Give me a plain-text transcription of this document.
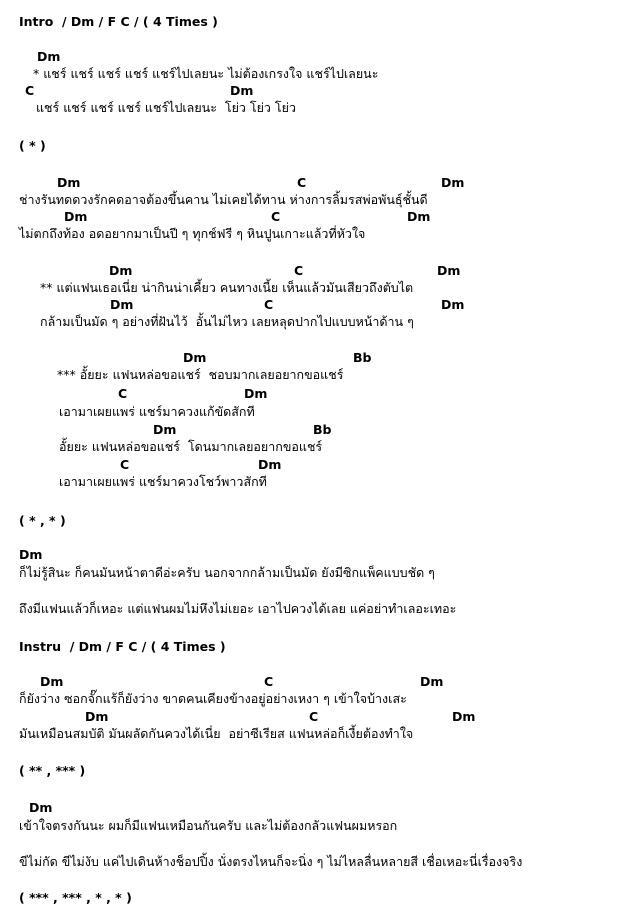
Intro  / Dm / F C / ( 4 Times )
Dm
* แชร์ แชร์ แชร์ แชร์ แชร์ไปเลยนะ ไม่ต้องเกรงใจ แชร์ไปเลยนะ
C	Dm
แชร์ แชร์ แชร์ แชร์ แชร์ไปเลยนะ  โย่ว โย่ว โย่ว
( * )
Dm	C	Dm
ช่างรันทดดวงรักคดอาจต้องขึ้นคาน ไม่เคยได้ทาน ห่างการลิ้มรสพ่อพันธุ์ชั้นดี
Dm	C	Dm
ไม่ตกถึงท้อง อดอยากมาเป็นปี ๆ ทุกช์ฟรี ๆ หินปูนเกาะแล้วที่หัวใจ
Dm	C	Dm
** แต่แฟนเธอเนี่ย น่ากินน่าเคี้ยว คนทางเนี้ย เห็นแล้วมันเสียวถึงตับไต
Dm	C	Dm
กล้ามเป็นมัด ๆ อย่างที่ฝันไว้  อั้นไม่ไหว เลยหลุดปากไปแบบหน้าด้าน ๆ
Dm	Bb
*** อั้ยยะ แฟนหล่อขอแชร์  ชอบมากเลยอยากขอแชร์
C	Dm
เอามาเผยแพร่ แชร์มาควงแก้ขัดสักที
Dm	Bb
อั้ยยะ แฟนหล่อขอแชร์  โดนมากเลยอยากขอแชร์
C	Dm
เอามาเผยแพร่ แชร์มาควงโชว์พาวสักที
( * , * )
Dm
ก็ไม่รู้สินะ ก็คนมันหน้าตาดีอ่ะครับ นอกจากกล้ามเป็นมัด ยังมีซิกแพ็คแบบชัด ๆ
ถึงมีแฟนแล้วก็เหอะ แต่แฟนผมไม่หึงไม่เยอะ เอาไปควงได้เลย แค่อย่าทำเลอะเทอะ
Instru  / Dm / F C / ( 4 Times )
Dm	C	Dm
ก็ยังว่าง ซอกจั๊กแร้ก็ยังว่าง ขาดคนเคียงข้างอยู่อย่างเหงา ๆ เข้าใจบ้างเสะ
Dm	C	Dm
มันเหมือนสมบัติ มันผลัดกันควงได้เนี่ย  อย่าซีเรียส แฟนหล่อก็เงี้ยต้องทำใจ
( ** , *** )
Dm
เข้าใจตรงกันนะ ผมก็มีแฟนเหมือนกันครับ และไม่ต้องกลัวแฟนผมหรอก
ขีไม่กัด ขีไม่งับ แค่ไปเดินห้างช็อปปิ้ง นั่งตรงไหนก็จะนิ่ง ๆ ไม่ไหลลื่นหลายสี เชื่อเหอะนี่เรื่องจริง
( *** , *** , * , * )
